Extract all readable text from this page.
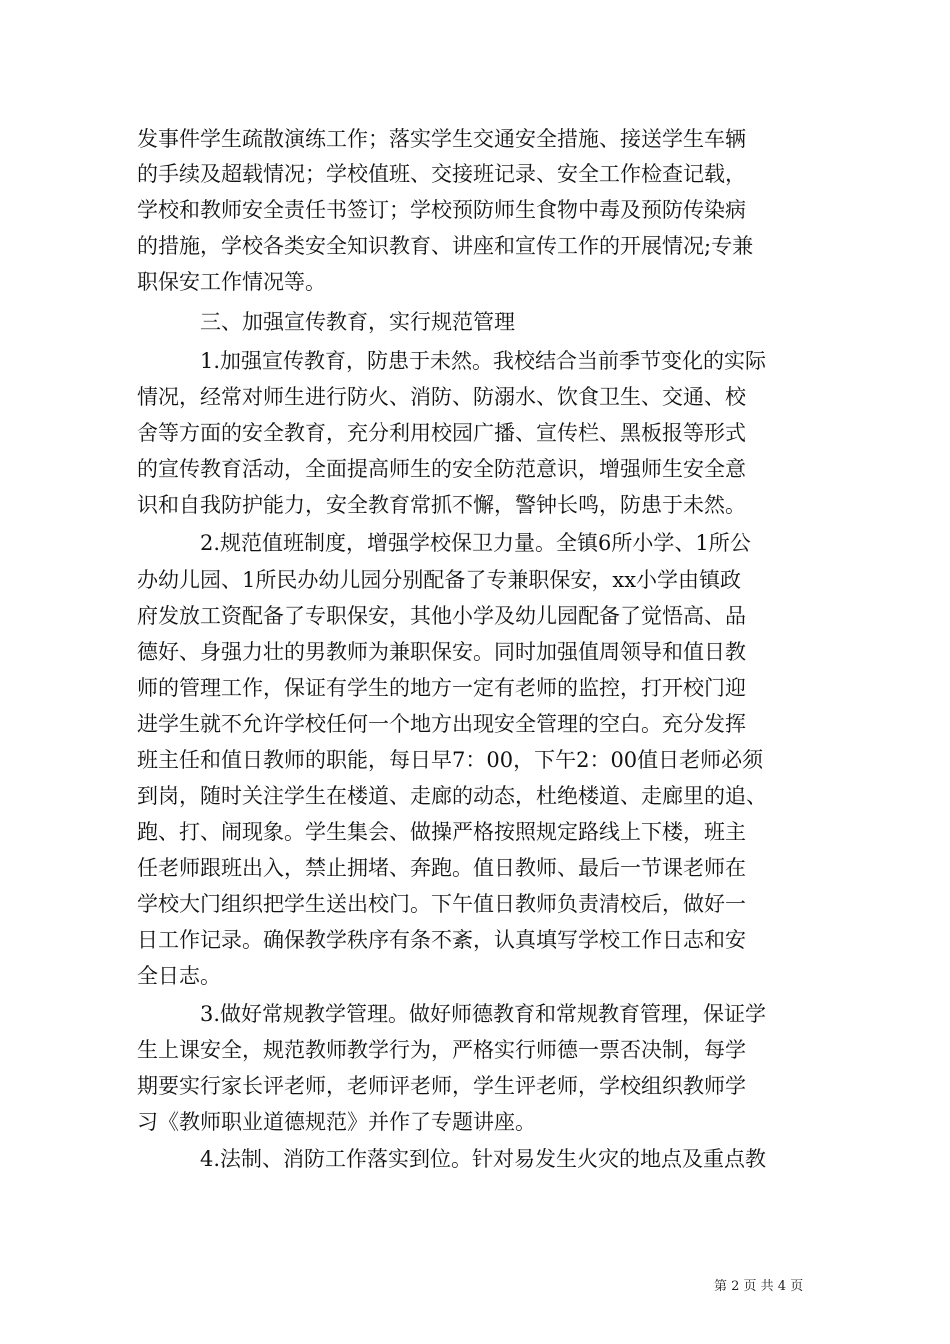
发事件学生疏散演练工作；落实学生交通安全措施、接送学生车辆
的手续及超载情况；学校值班、交接班记录、安全工作检查记载，
学校和教师安全责任书签订；学校预防师生食物中毒及预防传染病
的措施，学校各类安全知识教育、讲座和宣传工作的开展情况;专兼
职保安工作情况等。
三、加强宣传教育，实行规范管理
1.加强宣传教育，防患于未然。我校结合当前季节变化的实际
情况，经常对师生进行防火、消防、防溺水、饮食卫生、交通、校
舍等方面的安全教育，充分利用校园广播、宣传栏、黑板报等形式
的宣传教育活动，全面提高师生的安全防范意识，增强师生安全意
识和自我防护能力，安全教育常抓不懈，警钟长鸣，防患于未然。
2.规范值班制度，增强学校保卫力量。全镇6所小学、1所公
办幼儿园、1所民办幼儿园分别配备了专兼职保安，xx小学由镇政
府发放工资配备了专职保安，其他小学及幼儿园配备了觉悟高、品
德好、身强力壮的男教师为兼职保安。同时加强值周领导和值日教
师的管理工作，保证有学生的地方一定有老师的监控，打开校门迎
进学生就不允许学校任何一个地方出现安全管理的空白。充分发挥
班主任和值日教师的职能，每日早7：00，下午2：00值日老师必须
到岗，随时关注学生在楼道、走廊的动态，杜绝楼道、走廊里的追、
跑、打、闹现象。学生集会、做操严格按照规定路线上下楼，班主
任老师跟班出入，禁止拥堵、奔跑。值日教师、最后一节课老师在
学校大门组织把学生送出校门。下午值日教师负责清校后，做好一
日工作记录。确保教学秩序有条不紊，认真填写学校工作日志和安
全日志。
3.做好常规教学管理。做好师德教育和常规教育管理，保证学
生上课安全，规范教师教学行为，严格实行师德一票否决制，每学
期要实行家长评老师，老师评老师，学生评老师，学校组织教师学
习《教师职业道德规范》并作了专题讲座。
4.法制、消防工作落实到位。针对易发生火灾的地点及重点教
第 2 页 共 4 页
